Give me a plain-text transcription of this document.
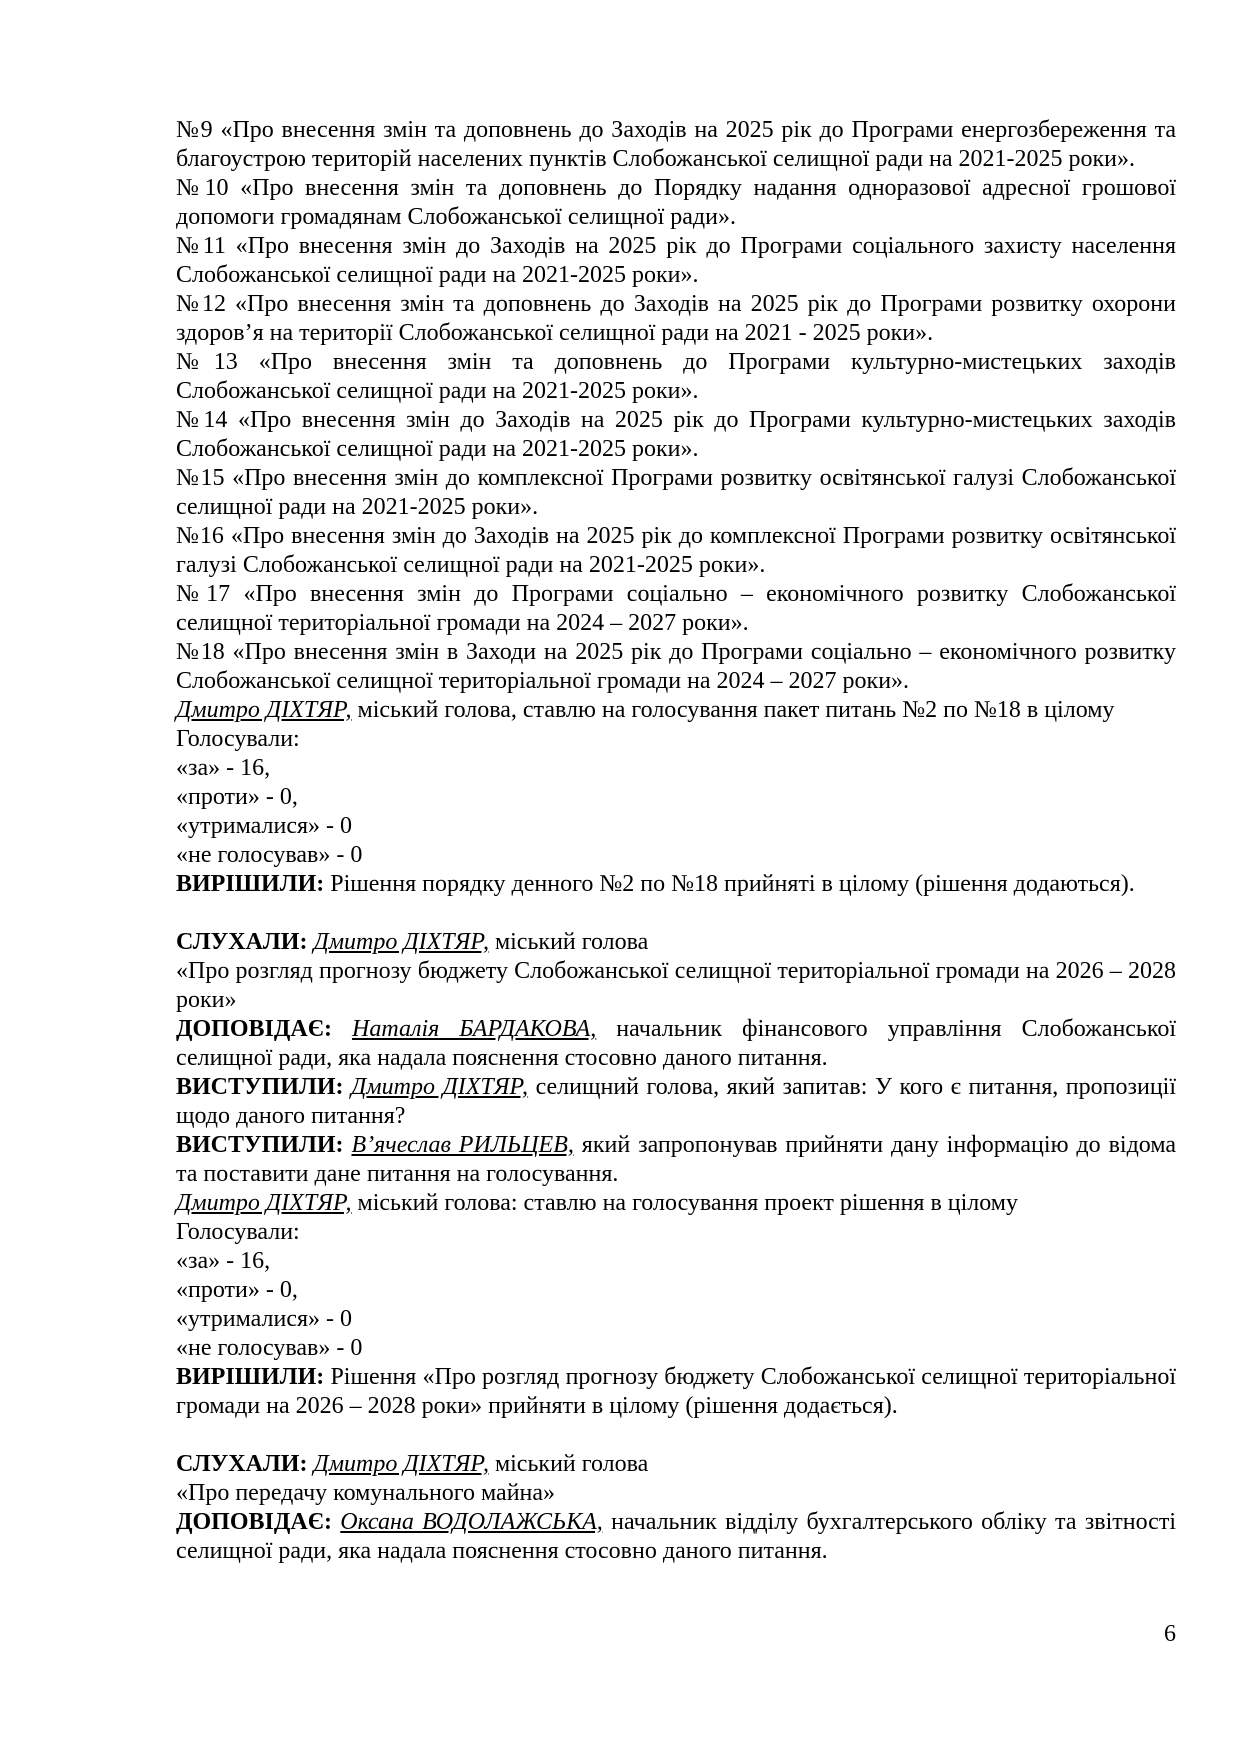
№9 «Про внесення змін та доповнень до Заходів на 2025 рік до Програми енергозбереження та благоустрою територій населених пунктів Слобожанської селищної ради на 2021-2025 роки».

№10 «Про внесення змін та доповнень до Порядку надання одноразової адресної грошової допомоги громадянам Слобожанської селищної ради».

№11 «Про внесення змін до Заходів на 2025 рік до Програми соціального захисту населення Слобожанської селищної ради на 2021-2025 роки».

№12 «Про внесення змін та доповнень до Заходів на 2025 рік до Програми розвитку охорони здоров’я на території Слобожанської селищної ради на 2021 - 2025 роки».

№13 «Про внесення змін та доповнень до Програми культурно-мистецьких заходів Слобожанської селищної ради на 2021-2025 роки».

№14 «Про внесення змін до Заходів на 2025 рік до Програми культурно-мистецьких заходів Слобожанської селищної ради на 2021-2025 роки».

№15 «Про внесення змін до комплексної Програми розвитку освітянської галузі Слобожанської селищної ради на 2021-2025 роки».

№16 «Про внесення змін до Заходів на 2025 рік до комплексної Програми розвитку освітянської галузі Слобожанської селищної ради на 2021-2025 роки».

№17 «Про внесення змін до Програми соціально – економічного розвитку Слобожанської селищної територіальної громади на 2024 – 2027 роки».

№18 «Про внесення змін в Заходи на 2025 рік до Програми соціально – економічного розвитку Слобожанської селищної територіальної громади на 2024 – 2027 роки».

Дмитро ДІХТЯР, міський голова, ставлю на голосування пакет питань №2 по №18 в цілому

Голосували:

«за» - 16,

«проти» - 0,

«утрималися» - 0

«не голосував» - 0

ВИРІШИЛИ: Рішення порядку денного №2 по №18 прийняті в цілому (рішення додаються).

СЛУХАЛИ: Дмитро ДІХТЯР, міський голова

«Про розгляд прогнозу бюджету Слобожанської селищної територіальної громади на 2026 – 2028 роки»

ДОПОВІДАЄ: Наталія БАРДАКОВА, начальник фінансового управління Слобожанської селищної ради, яка надала пояснення стосовно даного питання.

ВИСТУПИЛИ: Дмитро ДІХТЯР, селищний голова, який запитав: У кого є питання, пропозиції щодо даного питання?

ВИСТУПИЛИ: В’ячеслав РИЛЬЦЕВ, який запропонував прийняти дану інформацію до відома та поставити дане питання на голосування.

Дмитро ДІХТЯР, міський голова: ставлю на голосування проект рішення в цілому

Голосували:

«за» - 16,

«проти» - 0,

«утрималися» - 0

«не голосував» - 0

ВИРІШИЛИ: Рішення «Про розгляд прогнозу бюджету Слобожанської селищної територіальної громади на 2026 – 2028 роки» прийняти в цілому (рішення додається).

СЛУХАЛИ: Дмитро ДІХТЯР, міський голова

«Про передачу комунального майна»

ДОПОВІДАЄ: Оксана ВОДОЛАЖСЬКА, начальник відділу бухгалтерського обліку та звітності селищної ради, яка надала пояснення стосовно даного питання.

6
